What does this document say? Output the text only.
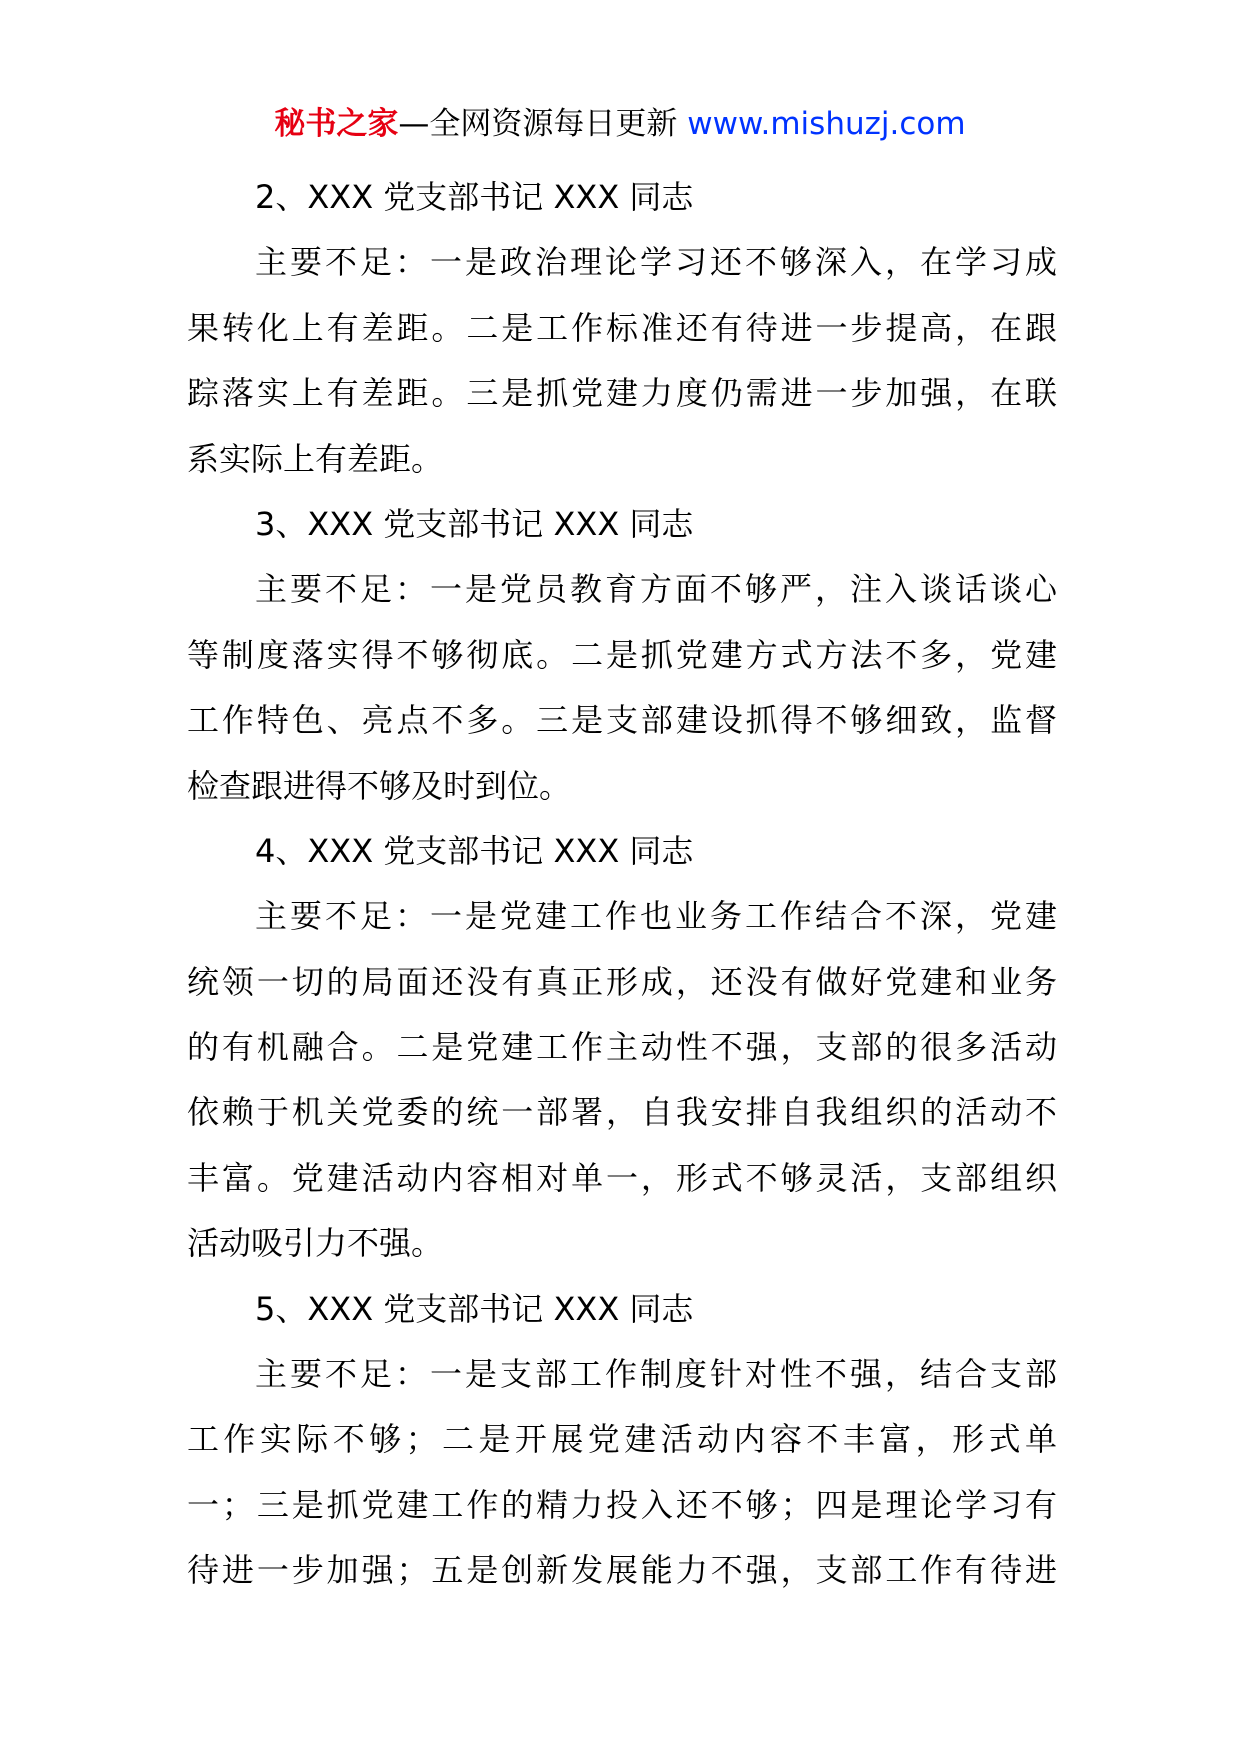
秘书之家—全网资源每日更新 www.mishuzj.com
2、XXX 党支部书记 XXX 同志
主要不足：一是政治理论学习还不够深入，在学习成
果转化上有差距。二是工作标准还有待进一步提高，在跟
踪落实上有差距。三是抓党建力度仍需进一步加强，在联
系实际上有差距。
3、XXX 党支部书记 XXX 同志
主要不足：一是党员教育方面不够严，注入谈话谈心
等制度落实得不够彻底。二是抓党建方式方法不多，党建
工作特色、亮点不多。三是支部建设抓得不够细致，监督
检查跟进得不够及时到位。
4、XXX 党支部书记 XXX 同志
主要不足：一是党建工作也业务工作结合不深，党建
统领一切的局面还没有真正形成，还没有做好党建和业务
的有机融合。二是党建工作主动性不强，支部的很多活动
依赖于机关党委的统一部署，自我安排自我组织的活动不
丰富。党建活动内容相对单一，形式不够灵活，支部组织
活动吸引力不强。
5、XXX 党支部书记 XXX 同志
主要不足：一是支部工作制度针对性不强，结合支部
工作实际不够；二是开展党建活动内容不丰富，形式单
一；三是抓党建工作的精力投入还不够；四是理论学习有
待进一步加强；五是创新发展能力不强，支部工作有待进
